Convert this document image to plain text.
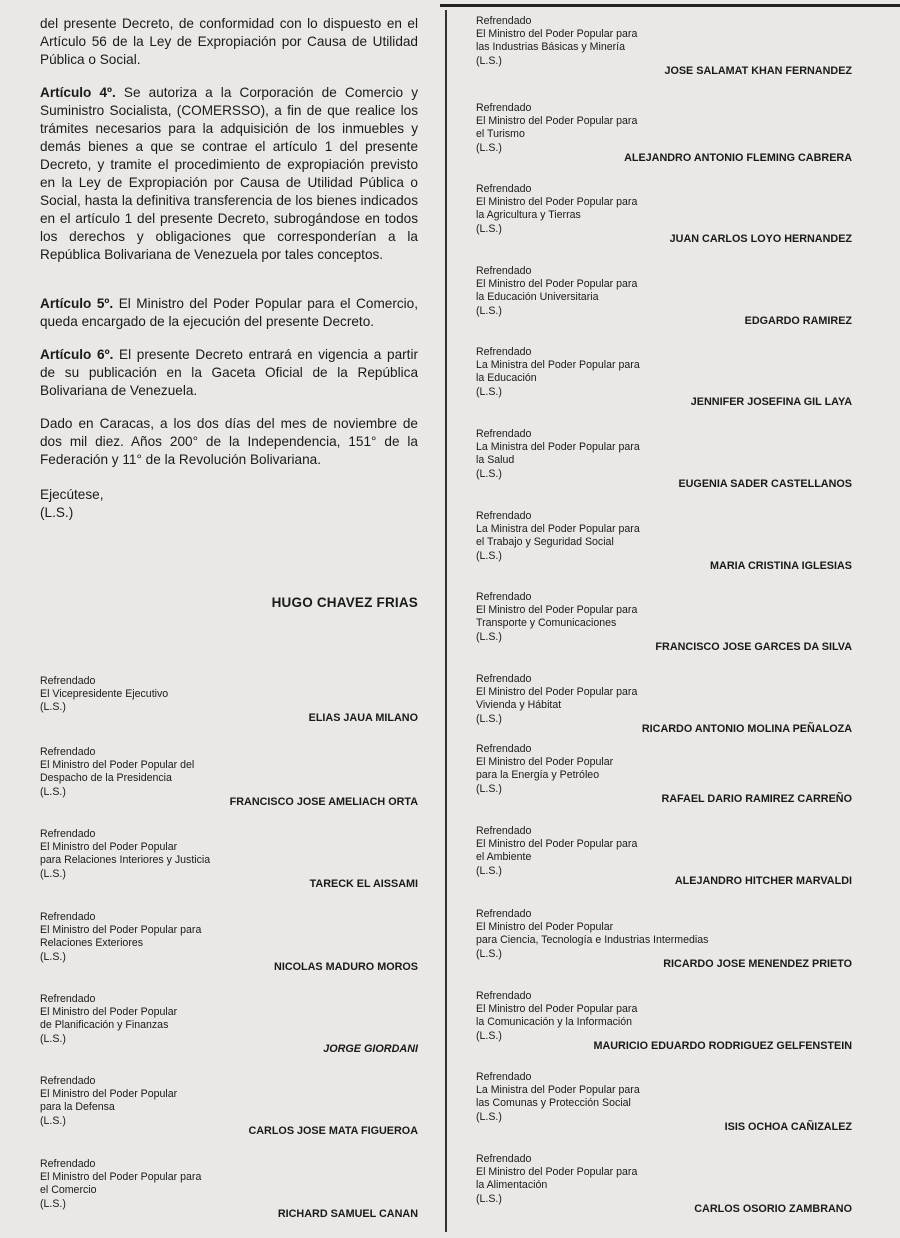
del presente Decreto, de conformidad con lo dispuesto en el Artículo 56 de la Ley de Expropiación por Causa de Utilidad Pública o Social.

Artículo 4º. Se autoriza a la Corporación de Comercio y Suministro Socialista, (COMERSSO), a fin de que realice los trámites necesarios para la adquisición de los inmuebles y demás bienes a que se contrae el artículo 1 del presente Decreto, y tramite el procedimiento de expropiación previsto en la Ley de Expropiación por Causa de Utilidad Pública o Social, hasta la definitiva transferencia de los bienes indicados en el artículo 1 del presente Decreto, subrogándose en todos los derechos y obligaciones que corresponderían a la República Bolivariana de Venezuela por tales conceptos.

Artículo 5º. El Ministro del Poder Popular para el Comercio, queda encargado de la ejecución del presente Decreto.

Artículo 6º. El presente Decreto entrará en vigencia a partir de su publicación en la Gaceta Oficial de la República Bolivariana de Venezuela.

Dado en Caracas, a los dos días del mes de noviembre de dos mil diez. Años 200° de la Independencia, 151° de la Federación y 11° de la Revolución Bolivariana.

Ejecútese,
(L.S.)
HUGO CHAVEZ FRIAS
Refrendado
El Vicepresidente Ejecutivo
(L.S.)
ELIAS JAUA MILANO
Refrendado
El Ministro del Poder Popular del
Despacho de la Presidencia
(L.S.)
FRANCISCO JOSE AMELIACH ORTA
Refrendado
El Ministro del Poder Popular
para Relaciones Interiores y Justicia
(L.S.)
TARECK EL AISSAMI
Refrendado
El Ministro del Poder Popular para
Relaciones Exteriores
(L.S.)
NICOLAS MADURO MOROS
Refrendado
El Ministro del Poder Popular
de Planificación y Finanzas
(L.S.)
JORGE GIORDANI
Refrendado
El Ministro del Poder Popular
para la Defensa
(L.S.)
CARLOS JOSE MATA FIGUEROA
Refrendado
El Ministro del Poder Popular para
el Comercio
(L.S.)
RICHARD SAMUEL CANAN
Refrendado
El Ministro del Poder Popular para
las Industrias Básicas y Minería
(L.S.)
JOSE SALAMAT KHAN FERNANDEZ
Refrendado
El Ministro del Poder Popular para
el Turismo
(L.S.)
ALEJANDRO ANTONIO FLEMING CABRERA
Refrendado
El Ministro del Poder Popular para
la Agricultura y Tierras
(L.S.)
JUAN CARLOS LOYO HERNANDEZ
Refrendado
El Ministro del Poder Popular para
la Educación Universitaria
(L.S.)
EDGARDO RAMIREZ
Refrendado
La Ministra del Poder Popular para
la Educación
(L.S.)
JENNIFER JOSEFINA GIL LAYA
Refrendado
La Ministra del Poder Popular para
la Salud
(L.S.)
EUGENIA SADER CASTELLANOS
Refrendado
La Ministra del Poder Popular para
el Trabajo y Seguridad Social
(L.S.)
MARIA CRISTINA IGLESIAS
Refrendado
El Ministro del Poder Popular para
Transporte y Comunicaciones
(L.S.)
FRANCISCO JOSE GARCES DA SILVA
Refrendado
El Ministro del Poder Popular para
Vivienda y Hábitat
(L.S.)
RICARDO ANTONIO MOLINA PEÑALOZA
Refrendado
El Ministro del Poder Popular
para la Energía y Petróleo
(L.S.)
RAFAEL DARIO RAMIREZ CARREÑO
Refrendado
El Ministro del Poder Popular para
el Ambiente
(L.S.)
ALEJANDRO HITCHER MARVALDI
Refrendado
El Ministro del Poder Popular
para Ciencia, Tecnología e Industrias Intermedias
(L.S.)
RICARDO JOSE MENENDEZ PRIETO
Refrendado
El Ministro del Poder Popular para
la Comunicación y la Información
(L.S.)
MAURICIO EDUARDO RODRIGUEZ GELFENSTEIN
Refrendado
La Ministra del Poder Popular para
las Comunas y Protección Social
(L.S.)
ISIS OCHOA CAÑIZALEZ
Refrendado
El Ministro del Poder Popular para
la Alimentación
(L.S.)
CARLOS OSORIO ZAMBRANO
